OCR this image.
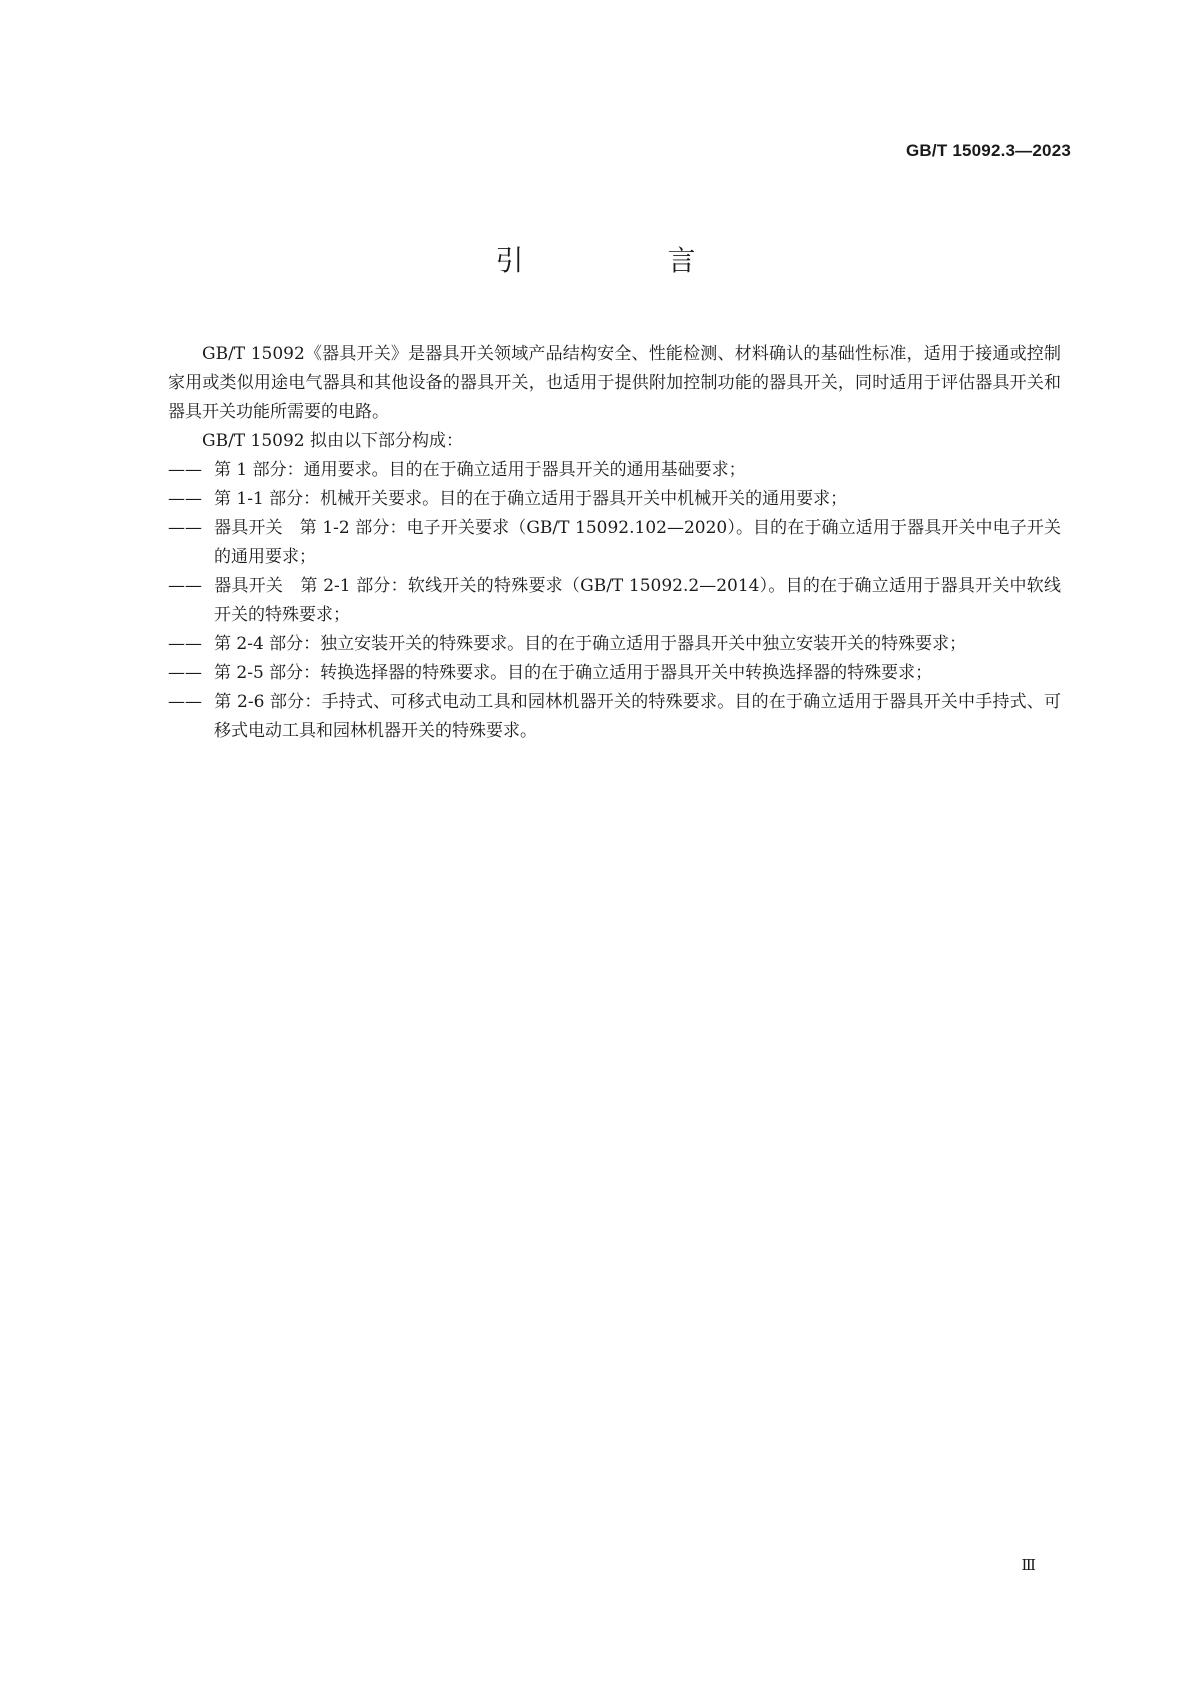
GB/T 15092.3—2023
引　言

GB/T 15092《器具开关》是器具开关领域产品结构安全、性能检测、材料确认的基础性标准，适用于接通或控制家用或类似用途电气器具和其他设备的器具开关，也适用于提供附加控制功能的器具开关，同时适用于评估器具开关和器具开关功能所需要的电路。

GB/T 15092 拟由以下部分构成：

—— 第 1 部分：通用要求。目的在于确立适用于器具开关的通用基础要求；
—— 第 1-1 部分：机械开关要求。目的在于确立适用于器具开关中机械开关的通用要求；
—— 器具开关　第 1-2 部分：电子开关要求（GB/T 15092.102—2020）。目的在于确立适用于器具开关中电子开关的通用要求；
—— 器具开关　第 2-1 部分：软线开关的特殊要求（GB/T 15092.2—2014）。目的在于确立适用于器具开关中软线开关的特殊要求；
—— 第 2-4 部分：独立安装开关的特殊要求。目的在于确立适用于器具开关中独立安装开关的特殊要求；
—— 第 2-5 部分：转换选择器的特殊要求。目的在于确立适用于器具开关中转换选择器的特殊要求；
—— 第 2-6 部分：手持式、可移式电动工具和园林机器开关的特殊要求。目的在于确立适用于器具开关中手持式、可移式电动工具和园林机器开关的特殊要求。
Ⅲ
